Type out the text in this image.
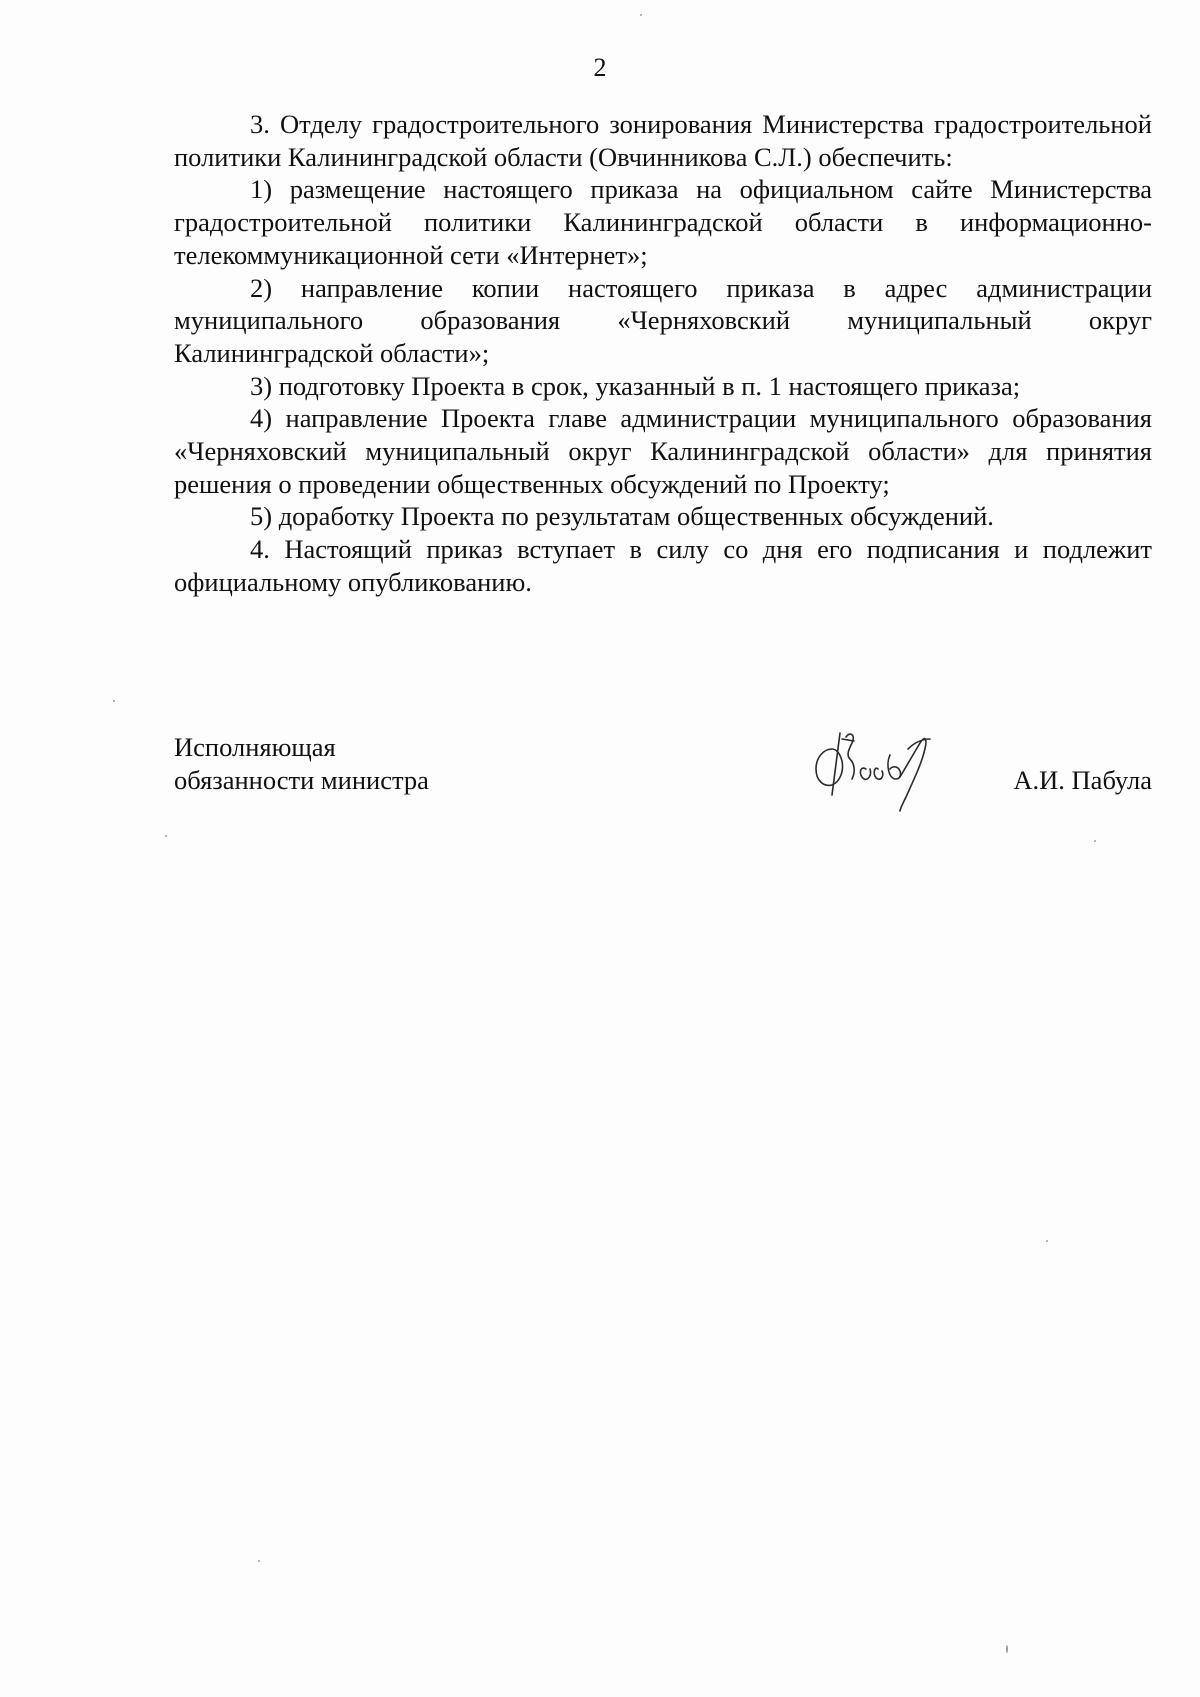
2

3. Отделу градостроительного зонирования Министерства градостроительной политики Калининградской области (Овчинникова С.Л.) обеспечить:

1) размещение настоящего приказа на официальном сайте Министерства градостроительной политики Калининградской области в информационно-телекоммуникационной сети «Интернет»;

2) направление копии настоящего приказа в адрес администрации муниципального образования «Черняховский муниципальный округ Калининградской области»;

3) подготовку Проекта в срок, указанный в п. 1 настоящего приказа;

4) направление Проекта главе администрации муниципального образования «Черняховский муниципальный округ Калининградской области» для принятия решения о проведении общественных обсуждений по Проекту;

5) доработку Проекта по результатам общественных обсуждений.

4. Настоящий приказ вступает в силу со дня его подписания и подлежит официальному опубликованию.

Исполняющая
обязанности министра	А.И. Пабула
